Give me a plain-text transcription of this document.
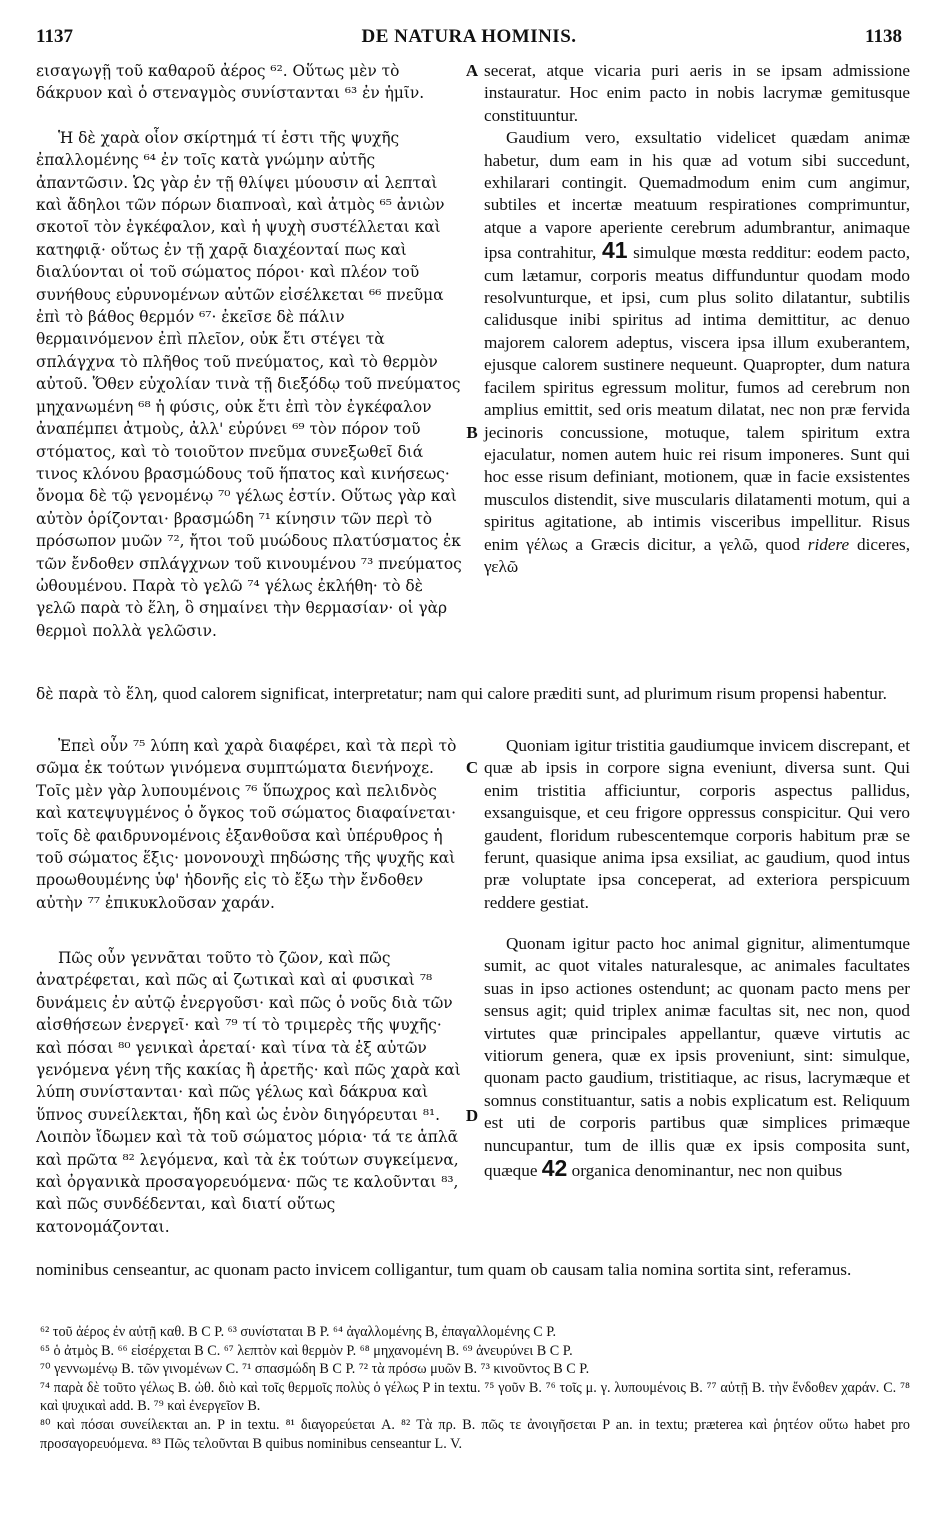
1137	DE NATURA HOMINIS.	1138

εισαγωγῇ τοῦ καθαροῦ ἀέρος ⁶². Οὕτως μὲν τὸ δάκρυον καὶ ὁ στεναγμὸς συνίστανται ⁶³ ἐν ἡμῖν.

Ἡ δὲ χαρὰ οἷον σκίρτημά τί ἐστι τῆς ψυχῆς ἐπαλλομένης ⁶⁴ ἐν τοῖς κατὰ γνώμην αὐτῆς ἀπαντῶσιν. Ὡς γὰρ ἐν τῇ θλίψει μύουσιν αἱ λεπταὶ καὶ ἄδηλοι τῶν πόρων διαπνοαὶ, καὶ ἀτμὸς ⁶⁵ ἀνιὼν σκοτοῖ τὸν ἐγκέφαλον, καὶ ἡ ψυχὴ συστέλλεται καὶ κατηφιᾷ· οὕτως ἐν τῇ χαρᾷ διαχέονταί πως καὶ διαλύονται οἱ τοῦ σώματος πόροι· καὶ πλέον τοῦ συνήθους εὐρυνομένων αὐτῶν εἰσέλκεται ⁶⁶ πνεῦμα ἐπὶ τὸ βάθος θερμόν ⁶⁷· ἐκεῖσε δὲ πάλιν θερμαινόμενον ἐπὶ πλεῖον, οὐκ ἔτι στέγει τὰ σπλάγχνα τὸ πλῆθος τοῦ πνεύματος, καὶ τὸ θερμὸν αὐτοῦ. Ὅθεν εὐχολίαν τινὰ τῇ διεξόδῳ τοῦ πνεύματος μηχανωμένη ⁶⁸ ἡ φύσις, οὐκ ἔτι ἐπὶ τὸν ἐγκέφαλον ἀναπέμπει ἀτμοὺς, ἀλλ' εὐρύνει ⁶⁹ τὸν πόρον τοῦ στόματος, καὶ τὸ τοιοῦτον πνεῦμα συνεξωθεῖ διά τινος κλόνου βρασμώδους τοῦ ἥπατος καὶ κινήσεως· ὄνομα δὲ τῷ γενομένῳ ⁷⁰ γέλως ἐστίν. Οὕτως γὰρ καὶ αὐτὸν ὁρίζονται· βρασμώδη ⁷¹ κίνησιν τῶν περὶ τὸ πρόσωπον μυῶν ⁷², ἤτοι τοῦ μυώδους πλατύσματος ἐκ τῶν ἔνδοθεν σπλάγχνων τοῦ κινουμένου ⁷³ πνεύματος ὠθουμένου. Παρὰ τὸ γελῶ ⁷⁴ γέλως ἐκλήθη· τὸ δὲ γελῶ παρὰ τὸ ἕλη, ὃ σημαίνει τὴν θερμασίαν· οἱ γὰρ θερμοὶ πολλὰ γελῶσιν.

A
B

secerat, atque vicaria puri aeris in se ipsam admissione instauratur. Hoc enim pacto in nobis lacrymæ gemitusque constituuntur.

Gaudium vero, exsultatio videlicet quædam animæ habetur, dum eam in his quæ ad votum sibi succedunt, exhilarari contingit. Quemadmodum enim cum angimur, subtiles et incertæ meatuum respirationes comprimuntur, atque a vapore aperiente cerebrum adumbrantur, animaque ipsa contrahitur, 41 simulque mœsta redditur: eodem pacto, cum lætamur, corporis meatus diffunduntur quodam modo resolvunturque, et ipsi, cum plus solito dilatantur, subtilis calidusque inibi spiritus ad intima demittitur, ac denuo majorem calorem adeptus, viscera ipsa illum exuberantem, ejusque calorem sustinere nequeunt. Quapropter, dum natura facilem spiritus egressum molitur, fumos ad cerebrum non amplius emittit, sed oris meatum dilatat, nec non præ fervida jecinoris concussione, motuque, talem spiritum extra ejaculatur, nomen autem huic rei risum imponeres. Sunt qui hoc esse risum definiant, motionem, quæ in facie exsistentes musculos distendit, sive muscularis dilatamenti motum, qui a spiritus agitatione, ab intimis visceribus impellitur. Risus enim γέλως a Græcis dicitur, a γελῶ, quod ridere diceres, γελῶ

δὲ παρὰ τὸ ἕλη, quod calorem significat, interpretatur; nam qui calore præditi sunt, ad plurimum risum propensi habentur.

Ἐπεὶ οὖν ⁷⁵ λύπη καὶ χαρὰ διαφέρει, καὶ τὰ περὶ τὸ σῶμα ἐκ τούτων γινόμενα συμπτώματα διενήνοχε. Τοῖς μὲν γὰρ λυπουμένοις ⁷⁶ ὕπωχρος καὶ πελιδνὸς καὶ κατεψυγμένος ὁ ὄγκος τοῦ σώματος διαφαίνεται· τοῖς δὲ φαιδρυνομένοις ἐξανθοῦσα καὶ ὑπέρυθρος ἡ τοῦ σώματος ἕξις· μονονουχὶ πηδώσης τῆς ψυχῆς καὶ προωθουμένης ὑφ' ἡδονῆς εἰς τὸ ἔξω τὴν ἔνδοθεν αὐτὴν ⁷⁷ ἐπικυκλοῦσαν χαράν.

C

Quoniam igitur tristitia gaudiumque invicem discrepant, et quæ ab ipsis in corpore signa eveniunt, diversa sunt. Qui enim tristitia afficiuntur, corporis aspectus pallidus, exsanguisque, et ceu frigore oppressus conspicitur. Qui vero gaudent, floridum rubescentemque corporis habitum præ se ferunt, quasique anima ipsa exsiliat, ac gaudium, quod intus præ voluptate ipsa conceperat, ad exteriora perspicuum reddere gestiat.

Πῶς οὖν γεννᾶται τοῦτο τὸ ζῶον, καὶ πῶς ἀνατρέφεται, καὶ πῶς αἱ ζωτικαὶ καὶ αἱ φυσικαὶ ⁷⁸ δυνάμεις ἐν αὐτῷ ἐνεργοῦσι· καὶ πῶς ὁ νοῦς διὰ τῶν αἰσθήσεων ἐνεργεῖ· καὶ ⁷⁹ τί τὸ τριμερὲς τῆς ψυχῆς· καὶ πόσαι ⁸⁰ γενικαὶ ἀρεταί· καὶ τίνα τὰ ἐξ αὐτῶν γενόμενα γένη τῆς κακίας ἢ ἀρετῆς· καὶ πῶς χαρὰ καὶ λύπη συνίστανται· καὶ πῶς γέλως καὶ δάκρυα καὶ ὕπνος συνείλεκται, ἤδη καὶ ὡς ἐνὸν διηγόρευται ⁸¹. Λοιπὸν ἴδωμεν καὶ τὰ τοῦ σώματος μόρια· τά τε ἁπλᾶ καὶ πρῶτα ⁸² λεγόμενα, καὶ τὰ ἐκ τούτων συγκείμενα, καὶ ὀργανικὰ προσαγορευόμενα· πῶς τε καλοῦνται ⁸³, καὶ πῶς συνδέδενται, καὶ διατί οὕτως κατονομάζονται.

D

Quonam igitur pacto hoc animal gignitur, alimentumque sumit, ac quot vitales naturalesque, ac animales facultates suas in ipso actiones ostendunt; ac quonam pacto mens per sensus agit; quid triplex animæ facultas sit, nec non, quod virtutes quæ principales appellantur, quæve virtutis ac vitiorum genera, quæ ex ipsis proveniunt, sint: simulque, quonam pacto gaudium, tristitiaque, ac risus, lacrymæque et somnus constituantur, satis a nobis explicatum est. Reliquum est uti de corporis partibus quæ simplices primæque nuncupantur, tum de illis quæ ex ipsis composita sunt, quæque 42 organica denominantur, nec non quibus

nominibus censeantur, ac quonam pacto invicem colligantur, tum quam ob causam talia nomina sortita sint, referamus.

⁶² τοῦ ἀέρος ἐν αὐτῇ καθ. B C P. ⁶³ συνίσταται B P. ⁶⁴ ἀγαλλομένης B, ἐπαγαλλομένης C P.

⁶⁵ ὁ ἀτμὸς B. ⁶⁶ εἰσέρχεται B C. ⁶⁷ λεπτὸν καὶ θερμὸν P. ⁶⁸ μηχανομένη B. ⁶⁹ ἀνευρύνει B C P.

⁷⁰ γεννωμένῳ B. τῶν γινομένων C. ⁷¹ σπασμώδη B C P. ⁷² τὰ πρόσω μυῶν B. ⁷³ κινοῦντος B C P.

⁷⁴ παρὰ δὲ τοῦτο γέλως B. ὠθ. διὸ καὶ τοῖς θερμοῖς πολὺς ὁ γέλως P in textu. ⁷⁵ γοῦν B. ⁷⁶ τοῖς μ. γ. λυπουμένοις B. ⁷⁷ αὐτῇ B. τὴν ἔνδοθεν χαράν. C. ⁷⁸ καὶ ψυχικαὶ add. B. ⁷⁹ καὶ ἐνεργεῖον B.

⁸⁰ καὶ πόσαι συνείλεκται an. P in textu. ⁸¹ διαγορεύεται A. ⁸² Τὰ πρ. B. πῶς τε ἀνοιγῆσεται P an. in textu; præterea καὶ ῥητέον οὕτω habet pro προσαγορευόμενα. ⁸³ Πῶς τελοῦνται B quibus nominibus censeantur L. V.
